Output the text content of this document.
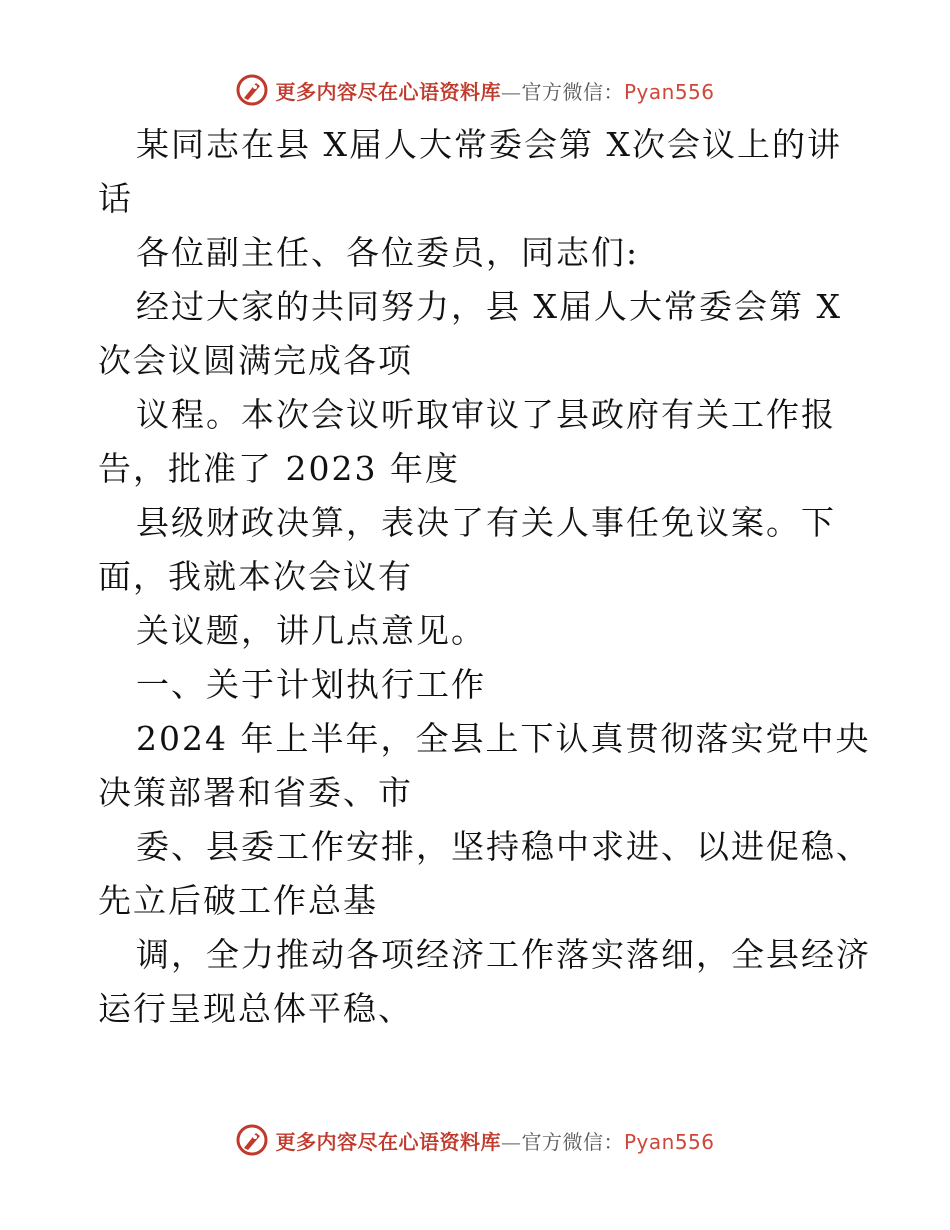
更多内容尽在心语资料库—官方微信：Pyan556
某同志在县 X届人大常委会第 X次会议上的讲
话
各位副主任、各位委员，同志们:
经过大家的共同努力，县 X届人大常委会第 X
次会议圆满完成各项
议程。本次会议听取审议了县政府有关工作报
告，批准了 2023 年度
县级财政决算，表决了有关人事任免议案。下
面，我就本次会议有
关议题，讲几点意见。
一、关于计划执行工作
2024 年上半年，全县上下认真贯彻落实党中央
决策部署和省委、市
委、县委工作安排，坚持稳中求进、以进促稳、
先立后破工作总基
调，全力推动各项经济工作落实落细，全县经济
运行呈现总体平稳、
更多内容尽在心语资料库—官方微信：Pyan556
